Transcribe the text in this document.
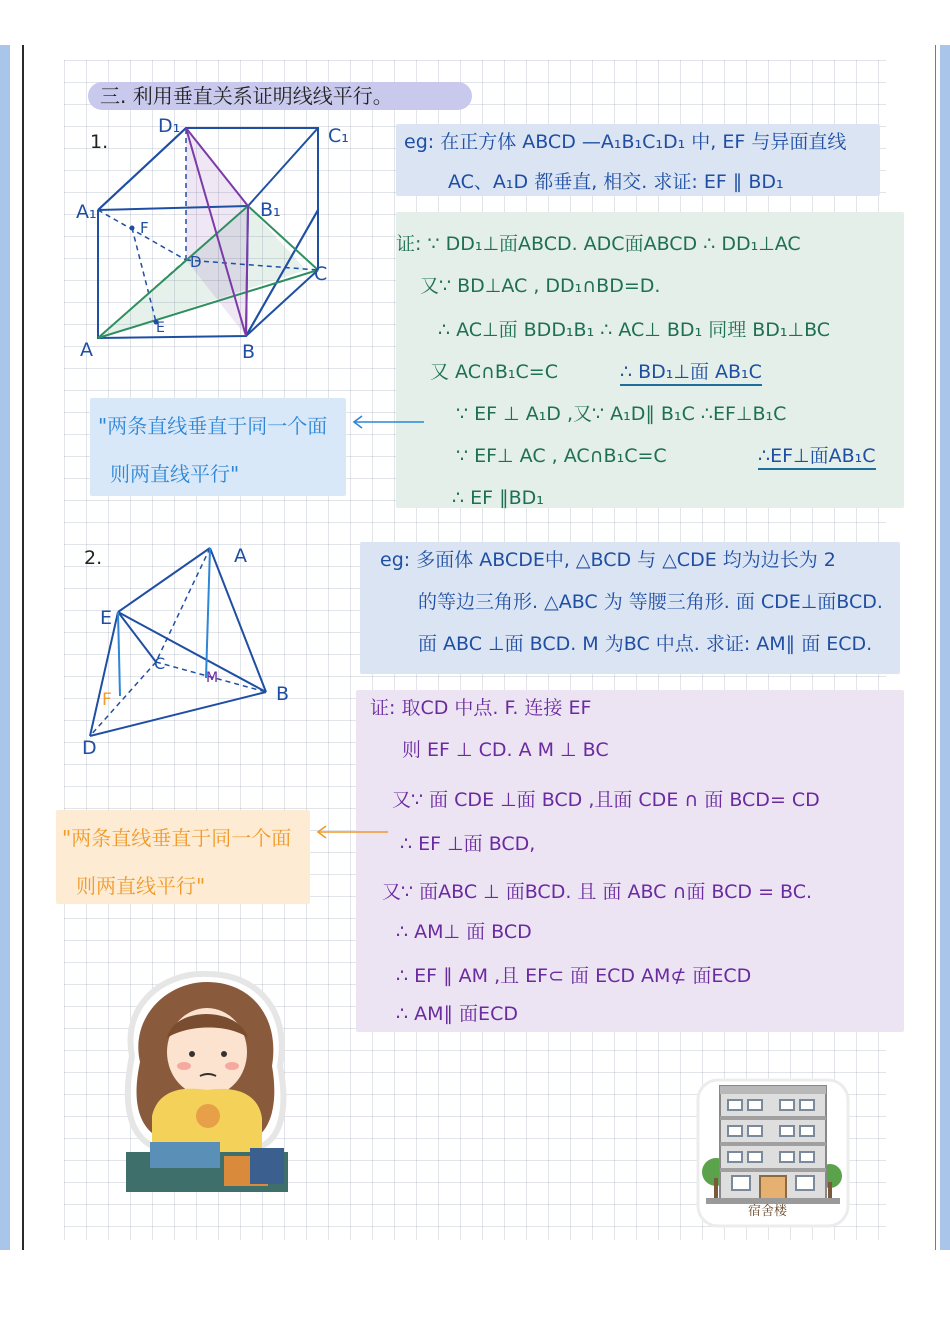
三. 利用垂直关系证明线线平行。
1.
D₁	C₁
A₁	B₁
F
D
C
E
A	B
eg: 在正方体 ABCD —A₁B₁C₁D₁ 中, EF 与异面直线
AC、A₁D 都垂直, 相交. 求证: EF ∥ BD₁
证: ∵ DD₁⊥面ABCD. ADC面ABCD ∴ DD₁⊥AC
又∵ BD⊥AC , DD₁∩BD=D.
∴ AC⊥面 BDD₁B₁ ∴ AC⊥ BD₁ 同理 BD₁⊥BC
又 AC∩B₁C=C	∴ BD₁⊥面 AB₁C
∵ EF ⊥ A₁D ,又∵ A₁D∥ B₁C ∴EF⊥B₁C
∵ EF⊥ AC , AC∩B₁C=C	∴EF⊥面AB₁C
∴ EF ∥BD₁
"两条直线垂直于同一个面
则两直线平行"
2.	A
E
C
M
B
F
D
eg: 多面体 ABCDE中, △BCD 与 △CDE 均为边长为 2
的等边三角形. △ABC 为 等腰三角形. 面 CDE⊥面BCD.
面 ABC ⊥面 BCD. M 为BC 中点. 求证: AM∥ 面 ECD.
证: 取CD 中点. F. 连接 EF
则 EF ⊥ CD. A M ⊥ BC
又∵ 面 CDE ⊥面 BCD ,且面 CDE ∩ 面 BCD= CD
∴ EF ⊥面 BCD,
又∵ 面ABC ⊥ 面BCD. 且 面 ABC ∩面 BCD = BC.
∴ AM⊥ 面 BCD
∴ EF ∥ AM ,且 EF⊂ 面 ECD AM⊄ 面ECD
∴ AM∥ 面ECD
"两条直线垂直于同一个面
则两直线平行"
宿舍楼
